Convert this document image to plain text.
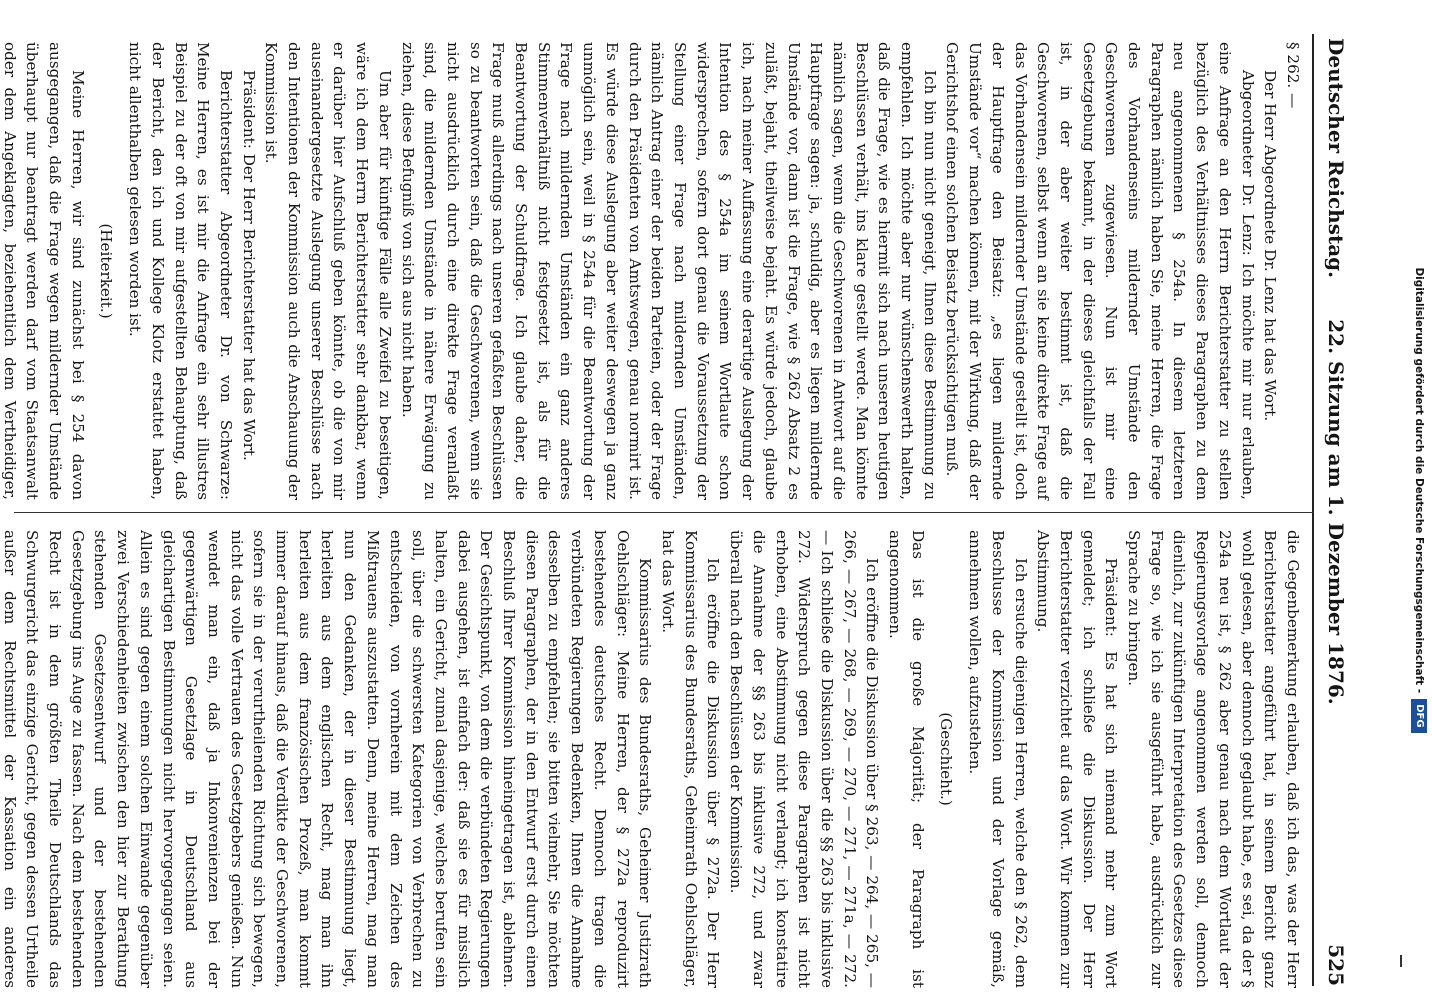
Deutscher Reichstag.
22. Sitzung am 1. Dezember 1876.
525

§ 262. —

Der Herr Abgeordnete Dr. Lenz hat das Wort.

Abgeordneter Dr. Lenz: Ich möchte mir nur erlauben, eine Anfrage an den Herrn Berichterstatter zu stellen bezüglich des Verhältnisses dieses Paragraphen zu dem neu angenommenen § 254a. In diesem letzteren Paragraphen nämlich haben Sie, meine Herren, die Frage des Vorhandenseins mildernder Umstände den Geschworenen zugewiesen. Nun ist mir eine Gesetzgebung bekannt, in der dieses gleichfalls der Fall ist, in der aber weiter bestimmt ist, daß die Geschworenen, selbst wenn an sie keine direkte Frage auf das Vorhandensein mildernder Umstände gestellt ist, doch der Hauptfrage den Beisatz: „es liegen mildernde Umstände vor“ machen können, mit der Wirkung, daß der Gerichtshof einen solchen Beisatz berücksichtigen muß.

Ich bin nun nicht geneigt, Ihnen diese Bestimmung zu empfehlen. Ich möchte aber nur wünschenswerth halten, daß die Frage, wie es hiermit sich nach unseren heutigen Beschlüssen verhält, ins klare gestellt werde. Man könnte nämlich sagen, wenn die Geschworenen in Antwort auf die Hauptfrage sagen: ja, schuldig, aber es liegen mildernde Umstände vor, dann ist die Frage, wie § 262 Absatz 2 es zuläßt, bejaht, theilweise bejaht. Es würde jedoch, glaube ich, nach meiner Auffassung eine derartige Auslegung der Intention des § 254a im seinem Wortlaute schon widersprechen, sofern dort genau die Voraussetzung der Stellung einer Frage nach mildernden Umständen, nämlich Antrag einer der beiden Parteien, oder der Frage durch den Präsidenten von Amtswegen, genau normirt ist. Es würde diese Auslegung aber weiter deswegen ja ganz unmöglich sein, weil in § 254a für die Beantwortung der Frage nach mildernden Umständen ein ganz anderes Stimmenverhältniß nicht festgesetzt ist, als für die Beantwortung der Schuldfrage. Ich glaube daher, die Frage muß allerdings nach unseren gefaßten Beschlüssen so zu beantworten sein, daß die Geschworenen, wenn sie nicht ausdrücklich durch eine direkte Frage veranlaßt sind, die mildernden Umstände in nähere Erwägung zu ziehen, diese Befugniß von sich aus nicht haben.

Um aber für künftige Fälle alle Zweifel zu beseitigen, wäre ich dem Herrn Berichterstatter sehr dankbar, wenn er darüber hier Aufschluß geben könnte, ob die von mir auseinandergesetzte Auslegung unserer Beschlüsse nach den Intentionen der Kommission auch die Anschauung der Kommission ist.

Präsident: Der Herr Berichterstatter hat das Wort.

Berichterstatter Abgeordneter Dr. von Schwarze: Meine Herren, es ist mir die Anfrage ein sehr illustres Beispiel zu der oft von mir aufgestellten Behauptung, daß der Bericht, den ich und Kollege Klotz erstattet haben, nicht allenthalben gelesen worden ist.

(Heiterkeit.)

Meine Herren, wir sind zunächst bei § 254 davon ausgegangen, daß die Frage wegen mildernder Umstände überhaupt nur beantragt werden darf vom Staatsanwalt oder dem Angeklagten, beziehentlich dem Vertheidiger,

die Gegenbemerkung erlauben, daß ich das, was der Herr Berichterstatter angeführt hat, in seinem Bericht ganz wohl gelesen, aber dennoch geglaubt habe, es sei, da der § 254a neu ist, § 262 aber genau nach dem Wortlaut der Regierungsvorlage angenommen werden soll, dennoch dienlich, zur zukünftigen Interpretation des Gesetzes diese Frage so, wie ich sie ausgeführt habe, ausdrücklich zur Sprache zu bringen.

Präsident: Es hat sich niemand mehr zum Wort gemeldet; ich schließe die Diskussion. Der Herr Berichterstatter verzichtet auf das Wort. Wir kommen zur Abstimmung.

Ich ersuche diejenigen Herren, welche den § 262, dem Beschlusse der Kommission und der Vorlage gemäß, annehmen wollen, aufzustehen.

(Geschieht.)

Das ist die große Majorität; der Paragraph ist angenommen.

Ich eröffne die Diskussion über § 263, — 264, — 265, — 266, — 267, — 268, — 269, — 270, — 271, — 271a, — 272. — Ich schließe die Diskussion über die §§ 263 bis inklusive 272. Widerspruch gegen diese Paragraphen ist nicht erhoben, eine Abstimmung nicht verlangt; ich konstatire die Annahme der §§ 263 bis inklusive 272, und zwar überall nach den Beschlüssen der Kommission.

Ich eröffne die Diskussion über § 272a. Der Herr Kommissarius des Bundesraths, Geheimrath Oehlschläger, hat das Wort.

Kommissarius des Bundesraths, Geheimer Justizrath Oehlschläger: Meine Herren, der § 272a reproduzirt bestehendes deutsches Recht. Dennoch tragen die verbündeten Regierungen Bedenken, Ihnen die Annahme desselben zu empfehlen; sie bitten vielmehr, Sie möchten diesen Paragraphen, der in den Entwurf erst durch einen Beschluß Ihrer Kommission hineingetragen ist, ablehnen. Der Gesichtspunkt, von dem die verbündeten Regierungen dabei ausgehen, ist einfach der: daß sie es für misslich halten, ein Gericht, zumal dasjenige, welches berufen sein soll, über die schwersten Kategorien von Verbrechen zu entscheiden, von vornherein mit dem Zeichen des Mißtrauens auszustatten. Denn, meine Herren, mag man nun den Gedanken, der in dieser Bestimmung liegt, herleiten aus dem englischen Recht, mag man ihn herleiten aus dem französischen Prozeß, man kommt immer darauf hinaus, daß die Verdikte der Geschworenen, sofern sie in der verurtheilenden Richtung sich bewegen, nicht das volle Vertrauen des Gesetzgebers genießen. Nun wendet man ein, daß ja Inkonvenienzen bei der gegenwärtigen Gesetzlage in Deutschland aus gleichartigen Bestimmungen nicht hervorgegangen seien. Allein es sind gegen einem solchen Einwande gegenüber zwei Verschiedenheiten zwischen den hier zur Berathung stehenden Gesetzesentwurf und der bestehenden Gesetzgebung ins Auge zu fassen. Nach dem bestehenden Recht ist in dem größten Theile Deutschlands das Schwurgericht das einzige Gericht, gegen dessen Urtheile außer dem Rechtsmittel der Kassation ein anderes

Digitalisierung gefördert durch die Deutsche Forschungsgemeinschaft -DFG
